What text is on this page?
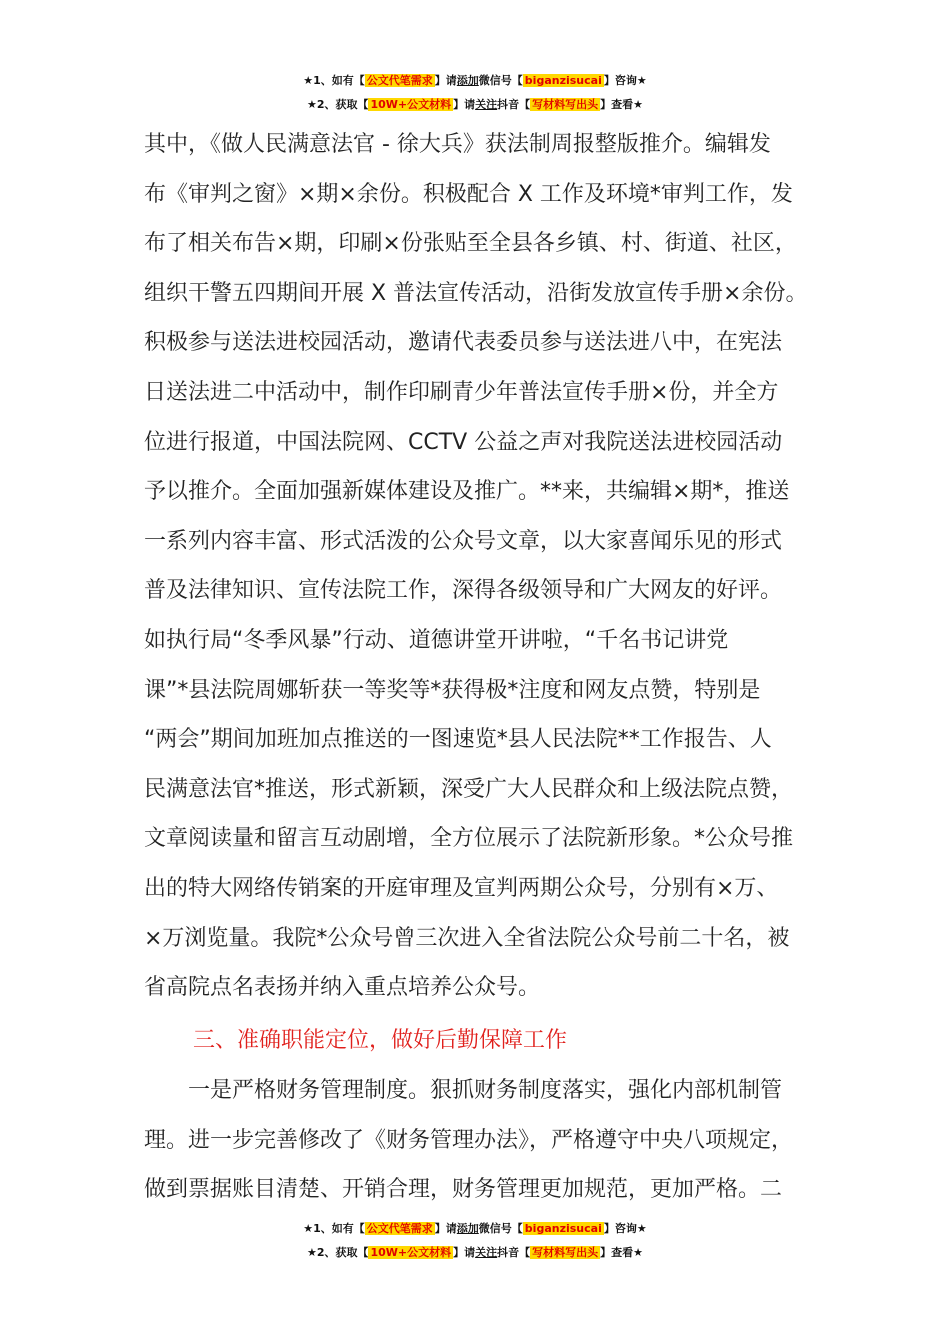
★1、如有【 公文代笔需求 】请添加微信号【 biganzisucai 】咨询★
★2、获取【 10W+公文材料 】请关注抖音【 写材料写出头 】查看★
其中，《做人民满意法官 - 徐大兵》获法制周报整版推介。编辑发
布《审判之窗》×期×余份。积极配合 X 工作及环境*审判工作，发
布了相关布告×期，印刷×份张贴至全县各乡镇、村、街道、社区，
组织干警五四期间开展 X 普法宣传活动，沿街发放宣传手册×余份。
积极参与送法进校园活动，邀请代表委员参与送法进八中，在宪法
日送法进二中活动中，制作印刷青少年普法宣传手册×份，并全方
位进行报道，中国法院网、CCTV 公益之声对我院送法进校园活动
予以推介。全面加强新媒体建设及推广。**来，共编辑×期*，推送
一系列内容丰富、形式活泼的公众号文章，以大家喜闻乐见的形式
普及法律知识、宣传法院工作，深得各级领导和广大网友的好评。
如执行局“冬季风暴”行动、道德讲堂开讲啦，“千名书记讲党
课”*县法院周娜斩获一等奖等*获得极*注度和网友点赞，特别是
“两会”期间加班加点推送的一图速览*县人民法院**工作报告、人
民满意法官*推送，形式新颖，深受广大人民群众和上级法院点赞，
文章阅读量和留言互动剧增，全方位展示了法院新形象。*公众号推
出的特大网络传销案的开庭审理及宣判两期公众号，分别有×万、
×万浏览量。我院*公众号曾三次进入全省法院公众号前二十名，被
省高院点名表扬并纳入重点培养公众号。
三、准确职能定位，做好后勤保障工作
　　一是严格财务管理制度。狠抓财务制度落实，强化内部机制管
理。进一步完善修改了《财务管理办法》，严格遵守中央八项规定，
做到票据账目清楚、开销合理，财务管理更加规范，更加严格。二
★1、如有【 公文代笔需求 】请添加微信号【 biganzisucai 】咨询★
★2、获取【 10W+公文材料 】请关注抖音【 写材料写出头 】查看★
